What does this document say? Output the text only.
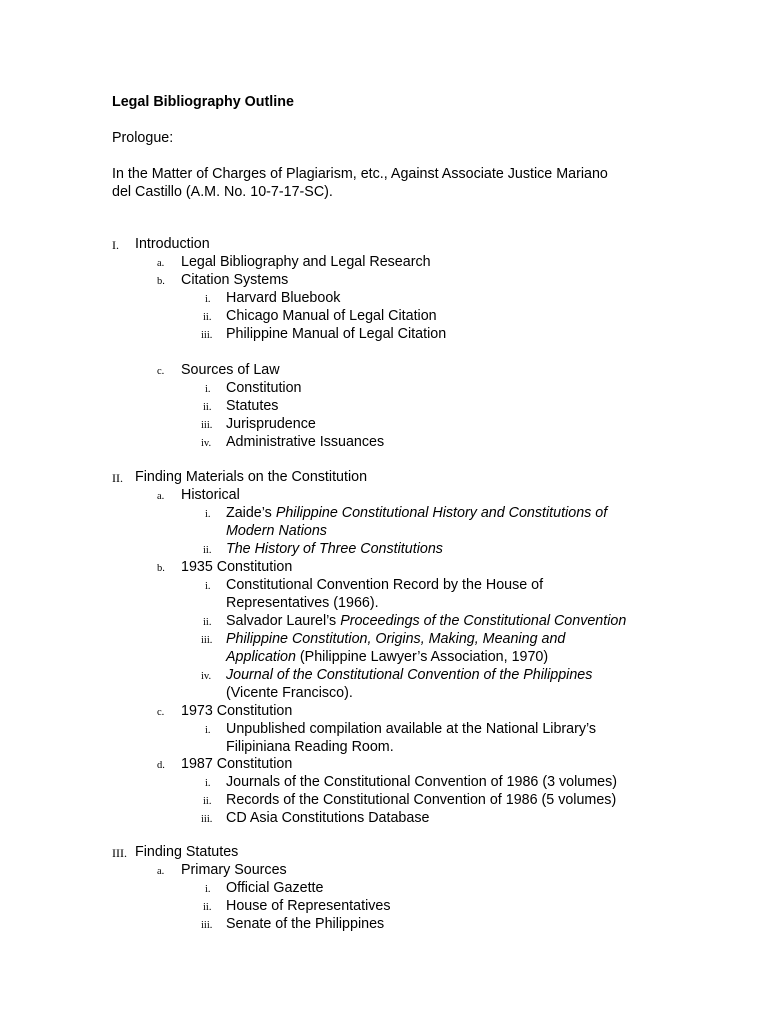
Legal Bibliography Outline
Prologue:
In the Matter of Charges of Plagiarism, etc., Against Associate Justice Mariano
del Castillo (A.M. No. 10-7-17-SC).
I. Introduction
a. Legal Bibliography and Legal Research
b. Citation Systems
i. Harvard Bluebook
ii. Chicago Manual of Legal Citation
iii. Philippine Manual of Legal Citation
c. Sources of Law
i. Constitution
ii. Statutes
iii. Jurisprudence
iv. Administrative Issuances
II. Finding Materials on the Constitution
a. Historical
i. Zaide’s Philippine Constitutional History and Constitutions of
Modern Nations
ii. The History of Three Constitutions
b. 1935 Constitution
i. Constitutional Convention Record by the House of
Representatives (1966).
ii. Salvador Laurel’s Proceedings of the Constitutional Convention
iii. Philippine Constitution, Origins, Making, Meaning and
Application (Philippine Lawyer’s Association, 1970)
iv. Journal of the Constitutional Convention of the Philippines
(Vicente Francisco).
c. 1973 Constitution
i. Unpublished compilation available at the National Library’s
Filipiniana Reading Room.
d. 1987 Constitution
i. Journals of the Constitutional Convention of 1986 (3 volumes)
ii. Records of the Constitutional Convention of 1986 (5 volumes)
iii. CD Asia Constitutions Database
III. Finding Statutes
a. Primary Sources
i. Official Gazette
ii. House of Representatives
iii. Senate of the Philippines
